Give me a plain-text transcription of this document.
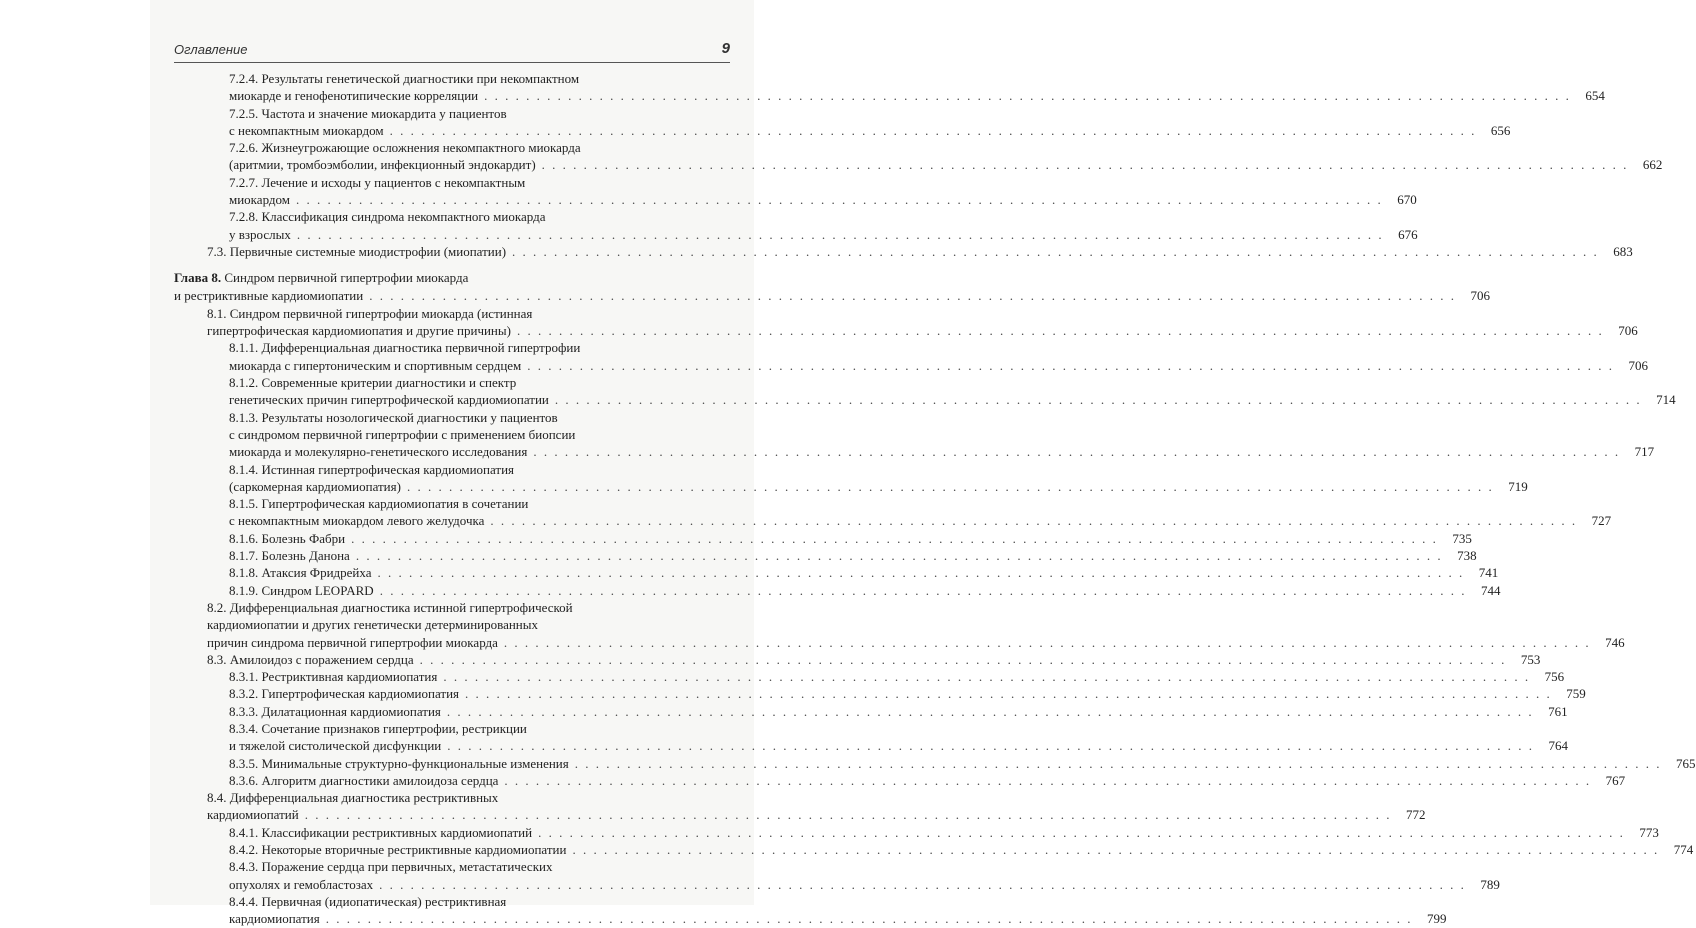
Оглавление	9
7.2.4. Результаты генетической диагностики при некомпактном
миокарде и генофенотипические корреляции . . .	654
7.2.5. Частота и значение миокардита у пациентов
с некомпактным миокардом . . .	656
7.2.6. Жизнеугрожающие осложнения некомпактного миокарда
(аритмии, тромбоэмболии, инфекционный эндокардит) . . .	662
7.2.7. Лечение и исходы у пациентов с некомпактным
миокардом . . .	670
7.2.8. Классификация синдрома некомпактного миокарда
у взрослых . . .	676
7.3. Первичные системные миодистрофии (миопатии) . . .	683
Глава 8. Синдром первичной гипертрофии миокарда
и рестриктивные кардиомиопатии . . .	706
8.1. Синдром первичной гипертрофии миокарда (истинная
гипертрофическая кардиомиопатия и другие причины) . . .	706
8.1.1. Дифференциальная диагностика первичной гипертрофии
миокарда с гипертоническим и спортивным сердцем . . .	706
8.1.2. Современные критерии диагностики и спектр
генетических причин гипертрофической кардиомиопатии . . .	714
8.1.3. Результаты нозологической диагностики у пациентов
с синдромом первичной гипертрофии с применением биопсии
миокарда и молекулярно-генетического исследования . . .	717
8.1.4. Истинная гипертрофическая кардиомиопатия
(саркомерная кардиомиопатия) . . .	719
8.1.5. Гипертрофическая кардиомиопатия в сочетании
с некомпактным миокардом левого желудочка . . .	727
8.1.6. Болезнь Фабри . . .	735
8.1.7. Болезнь Данона . . .	738
8.1.8. Атаксия Фридрейха . . .	741
8.1.9. Синдром LEOPARD . . .	744
8.2. Дифференциальная диагностика истинной гипертрофической
кардиомиопатии и других генетически детерминированных
причин синдрома первичной гипертрофии миокарда . . .	746
8.3. Амилоидоз с поражением сердца . . .	753
8.3.1. Рестриктивная кардиомиопатия . . .	756
8.3.2. Гипертрофическая кардиомиопатия . . .	759
8.3.3. Дилатационная кардиомиопатия . . .	761
8.3.4. Сочетание признаков гипертрофии, рестрикции
и тяжелой систолической дисфункции . . .	764
8.3.5. Минимальные структурно-функциональные изменения . . .	765
8.3.6. Алгоритм диагностики амилоидоза сердца . . .	767
8.4. Дифференциальная диагностика рестриктивных
кардиомиопатий . . .	772
8.4.1. Классификации рестриктивных кардиомиопатий . . .	773
8.4.2. Некоторые вторичные рестриктивные кардиомиопатии . . .	774
8.4.3. Поражение сердца при первичных, метастатических
опухолях и гемобластозах . . .	789
8.4.4. Первичная (идиопатическая) рестриктивная
кардиомиопатия . . .	799
